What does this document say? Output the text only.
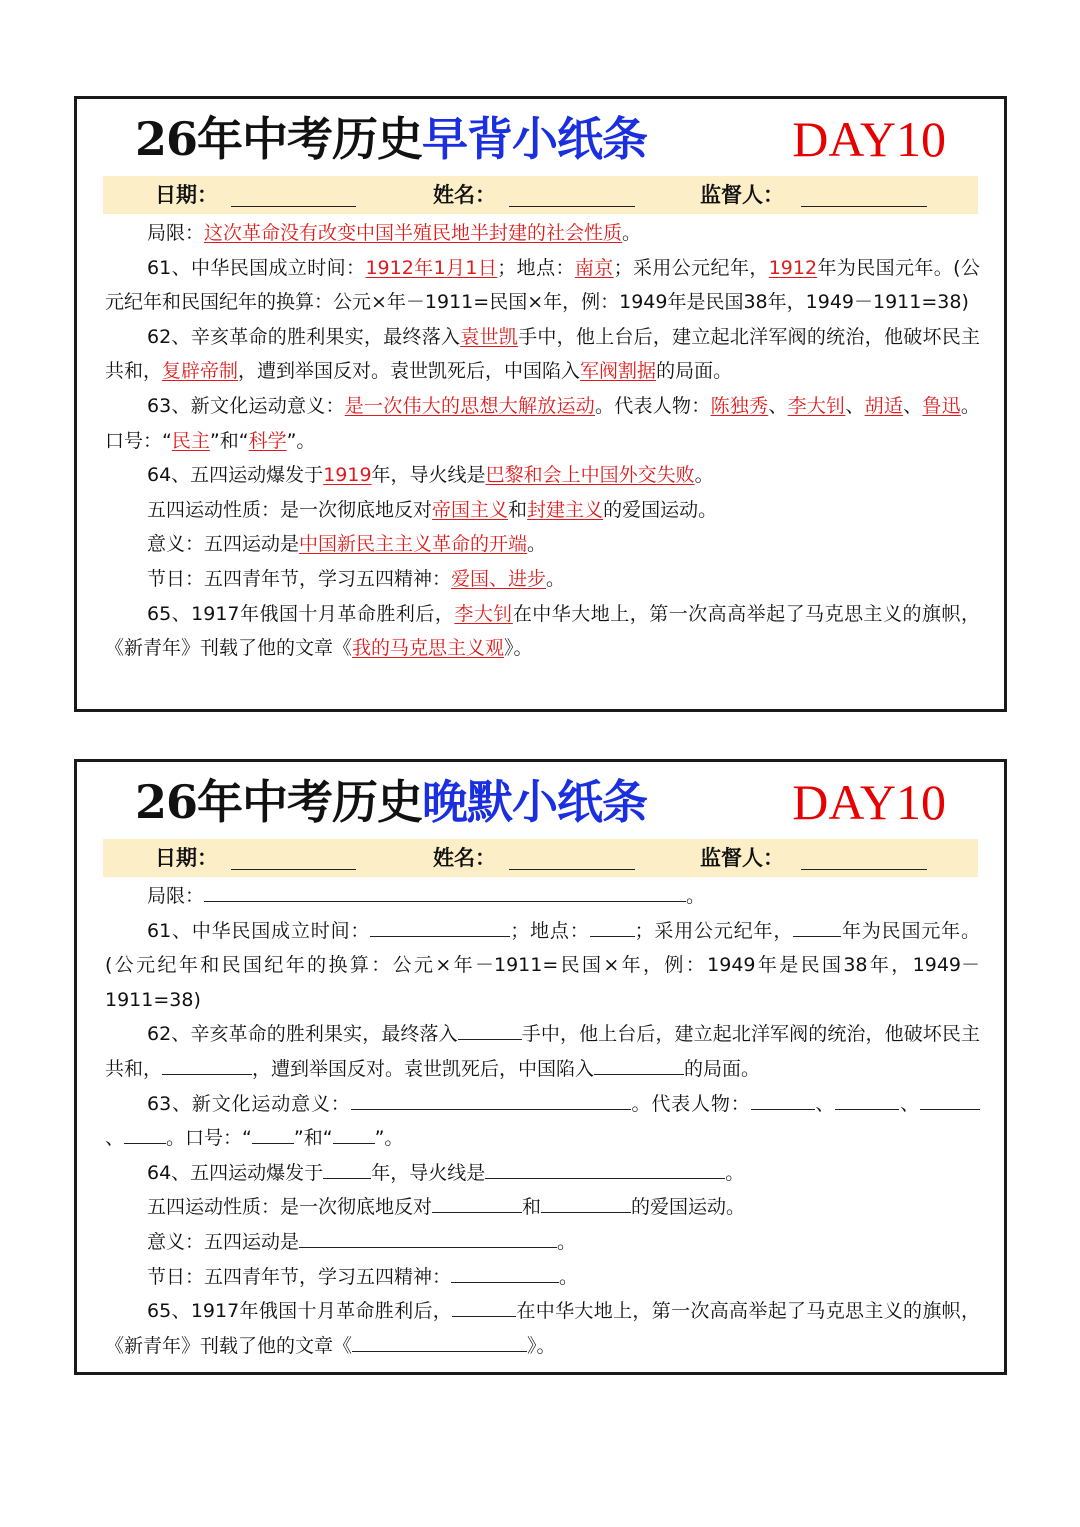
26年中考历史早背小纸条	DAY10
日期：	姓名：	监督人：

局限：这次革命没有改变中国半殖民地半封建的社会性质。

61、中华民国成立时间：1912年1月1日；地点：南京；采用公元纪年，1912年为民国元年。(公元纪年和民国纪年的换算：公元×年－1911=民国×年，例：1949年是民国38年，1949－1911=38)

62、辛亥革命的胜利果实，最终落入袁世凯手中，他上台后，建立起北洋军阀的统治，他破坏民主共和，复辟帝制，遭到举国反对。袁世凯死后，中国陷入军阀割据的局面。

63、新文化运动意义：是一次伟大的思想大解放运动。代表人物：陈独秀、李大钊、胡适、鲁迅。口号：“民主”和“科学”。

64、五四运动爆发于1919年，导火线是巴黎和会上中国外交失败。

五四运动性质：是一次彻底地反对帝国主义和封建主义的爱国运动。

意义：五四运动是中国新民主主义革命的开端。

节日：五四青年节，学习五四精神：爱国、进步。

65、1917年俄国十月革命胜利后，李大钊在中华大地上，第一次高高举起了马克思主义的旗帜，《新青年》刊载了他的文章《我的马克思主义观》。

26年中考历史晚默小纸条	DAY10
日期：	姓名：	监督人：

局限：	。

61、中华民国成立时间：	；地点： ；采用公元纪年，	年为民国元年。(公元纪年和民国纪年的换算：公元×年－1911=民国×年，例：1949年是民国38年，1949－1911=38)

62、辛亥革命的胜利果实，最终落入	手中，他上台后，建立起北洋军阀的统治，他破坏民主共和，	，遭到举国反对。袁世凯死后，中国陷入	的局面。

63、新文化运动意义：	。代表人物：	、	、、 。口号：“ ”和“ ”。

64、五四运动爆发于	年，导火线是	。

五四运动性质：是一次彻底地反对	和	的爱国运动。

意义：五四运动是	。

节日：五四青年节，学习五四精神：	。

65、1917年俄国十月革命胜利后，	在中华大地上，第一次高高举起了马克思主义的旗帜，《新青年》刊载了他的文章《	》。
